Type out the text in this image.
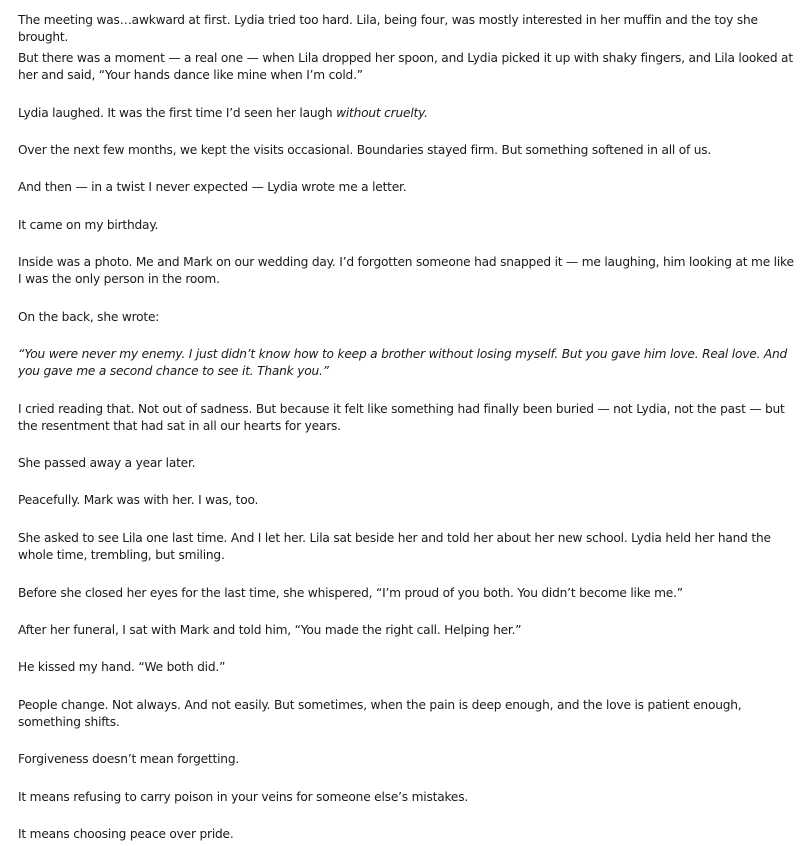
The meeting was…awkward at first. Lydia tried too hard. Lila, being four, was mostly interested in her muffin and the toy she brought.

But there was a moment — a real one — when Lila dropped her spoon, and Lydia picked it up with shaky fingers, and Lila looked at her and said, “Your hands dance like mine when I’m cold.”

Lydia laughed. It was the first time I’d seen her laugh without cruelty.

Over the next few months, we kept the visits occasional. Boundaries stayed firm. But something softened in all of us.

And then — in a twist I never expected — Lydia wrote me a letter.

It came on my birthday.

Inside was a photo. Me and Mark on our wedding day. I’d forgotten someone had snapped it — me laughing, him looking at me like I was the only person in the room.

On the back, she wrote:

“You were never my enemy. I just didn’t know how to keep a brother without losing myself. But you gave him love. Real love. And you gave me a second chance to see it. Thank you.”

I cried reading that. Not out of sadness. But because it felt like something had finally been buried — not Lydia, not the past — but the resentment that had sat in all our hearts for years.

She passed away a year later.

Peacefully. Mark was with her. I was, too.

She asked to see Lila one last time. And I let her. Lila sat beside her and told her about her new school. Lydia held her hand the whole time, trembling, but smiling.

Before she closed her eyes for the last time, she whispered, “I’m proud of you both. You didn’t become like me.”

After her funeral, I sat with Mark and told him, “You made the right call. Helping her.”

He kissed my hand. “We both did.”

People change. Not always. And not easily. But sometimes, when the pain is deep enough, and the love is patient enough, something shifts.

Forgiveness doesn’t mean forgetting.

It means refusing to carry poison in your veins for someone else’s mistakes.

It means choosing peace over pride.
